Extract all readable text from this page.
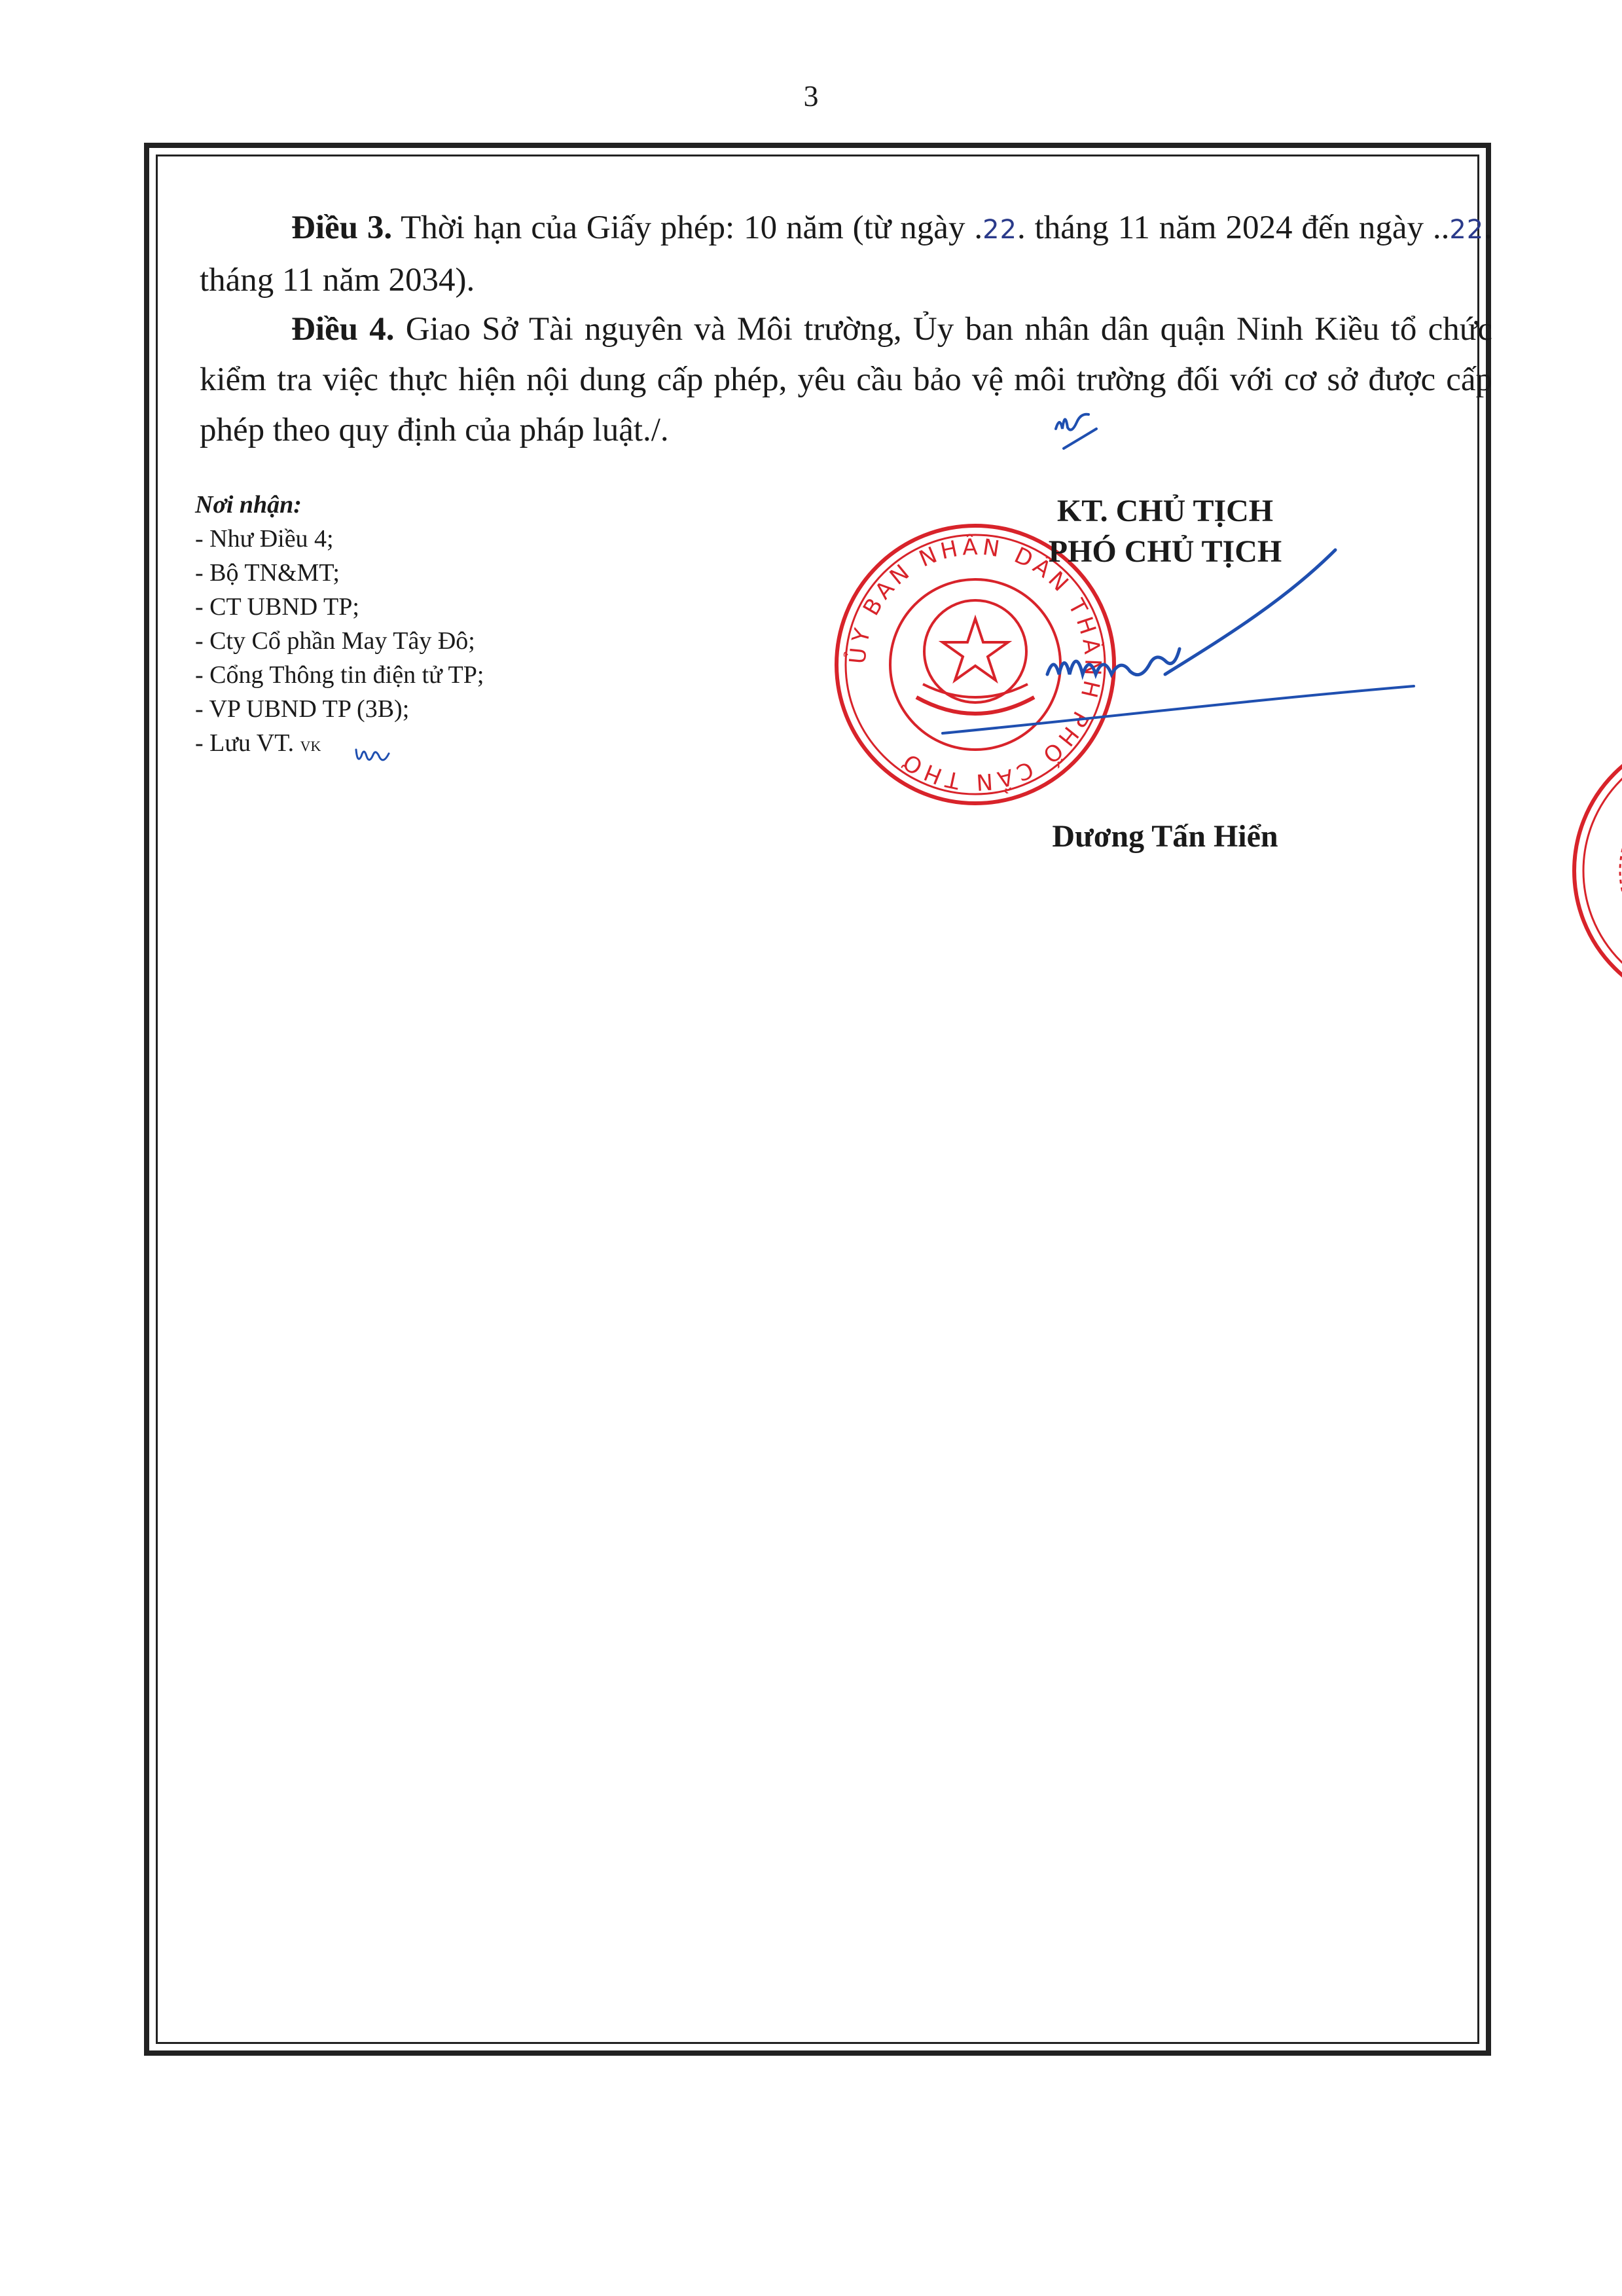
3

Điều 3. Thời hạn của Giấy phép: 10 năm (từ ngày .22. tháng 11 năm 2024 đến ngày ..22. tháng 11 năm 2034).

Điều 4. Giao Sở Tài nguyên và Môi trường, Ủy ban nhân dân quận Ninh Kiều tổ chức kiểm tra việc thực hiện nội dung cấp phép, yêu cầu bảo vệ môi trường đối với cơ sở được cấp phép theo quy định của pháp luật./.

Nơi nhận:
- Như Điều 4;
- Bộ TN&MT;
- CT UBND TP;
- Cty Cổ phần May Tây Đô;
- Cổng Thông tin điện tử TP;
- VP UBND TP (3B);
- Lưu VT. VK
ỦY BAN NHÂN DÂN THÀNH PHỐ CẦN THƠ
KT. CHỦ TỊCH
PHÓ CHỦ TỊCH
Dương Tấn Hiển
